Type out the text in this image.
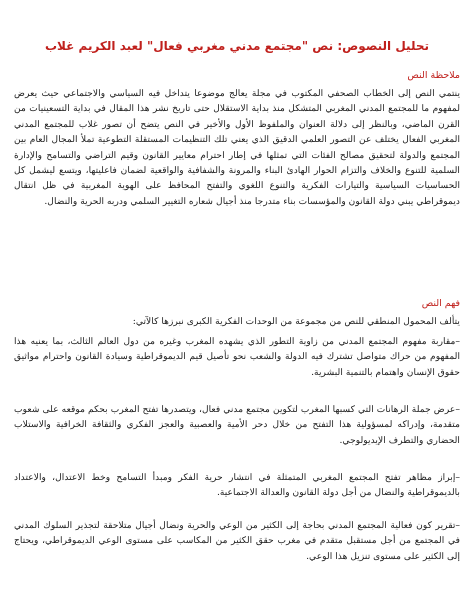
تحليل النصوص: نص "مجتمع مدني مغربي فعال" لعبد الكريم غلاب
ملاحظة النص
ينتمي النص إلى الخطاب الصحفي المكتوب في مجلة يعالج موضوعا يتداخل فيه السياسي والاجتماعي حيث يعرض لمفهوم ما للمجتمع المدني المغربي المتشكل منذ بداية الاستقلال حتى تاريخ نشر هذا المقال في بداية التسعينيات من القرن الماضي، وبالنظر إلى دلالة العنوان والملفوظ الأول والأخير في النص يتضح أن تصور غلاب للمجتمع المدني المغربي الفعال يختلف عن التصور العلمي الدقيق الذي يعني تلك التنظيمات المستقلة التطوعية تملأ المجال العام بين المجتمع والدولة لتحقيق مصالح الفئات التي تمثلها في إطار احترام معايير القانون وقيم التراضي والتسامح والإدارة السلمية للتنوع والخلاف والتزام الحوار الهادئ البناء والمرونة والشفافية والواقعية لضمان فاعليتها، ويتسع ليشمل كل الحساسيات السياسية والتيارات الفكرية والتنوع اللغوي والتفتح المحافظ على الهوية المغربية في ظل انتقال ديموقراطي يبني دولة القانون والمؤسسات بناء متدرجا منذ أجيال شعاره التغيير السلمي ودربه الحرية والنضال.
فهم النص
يتألف المحمول المنطقي للنص من مجموعة من الوحدات الفكرية الكبرى نبرزها كالآتي:
–مقاربة مفهوم المجتمع المدني من زاوية التطور الذي يشهده المغرب وغيره من دول العالم الثالث، بما يعنيه هذا المفهوم من حراك متواصل تشترك فيه الدولة والشعب نحو تأصيل قيم الديموقراطية وسيادة القانون واحترام مواثيق حقوق الإنسان واهتمام بالتنمية البشرية.
–عرض جملة الرهانات التي كسبها المغرب لتكوين مجتمع مدني فعال، ويتصدرها تفتح المغرب بحكم موقعه على شعوب متقدمة، وإدراكه لمسؤولية هذا التفتح من خلال دحر الأمية والعصبية والعجز الفكري والثقافة الخرافية والاستلاب الحضاري والتطرف الإيديولوجي.
–إبراز مظاهر تفتح المجتمع المغربي المتمثلة في انتشار حرية الفكر ومبدأ التسامح وخط الاعتدال، والاعتداد بالديموقراطية والنضال من أجل دولة القانون والعدالة الاجتماعية.
–تقرير كون فعالية المجتمع المدني بحاجة إلى الكثير من الوعي والحرية ونضال أجيال متلاحقة لتجذير السلوك المدني في المجتمع من أجل مستقبل متقدم في مغرب حقق الكثير من المكاسب على مستوى الوعي الديموقراطي، ويحتاج إلى الكثير على مستوى تنزيل هذا الوعي.
